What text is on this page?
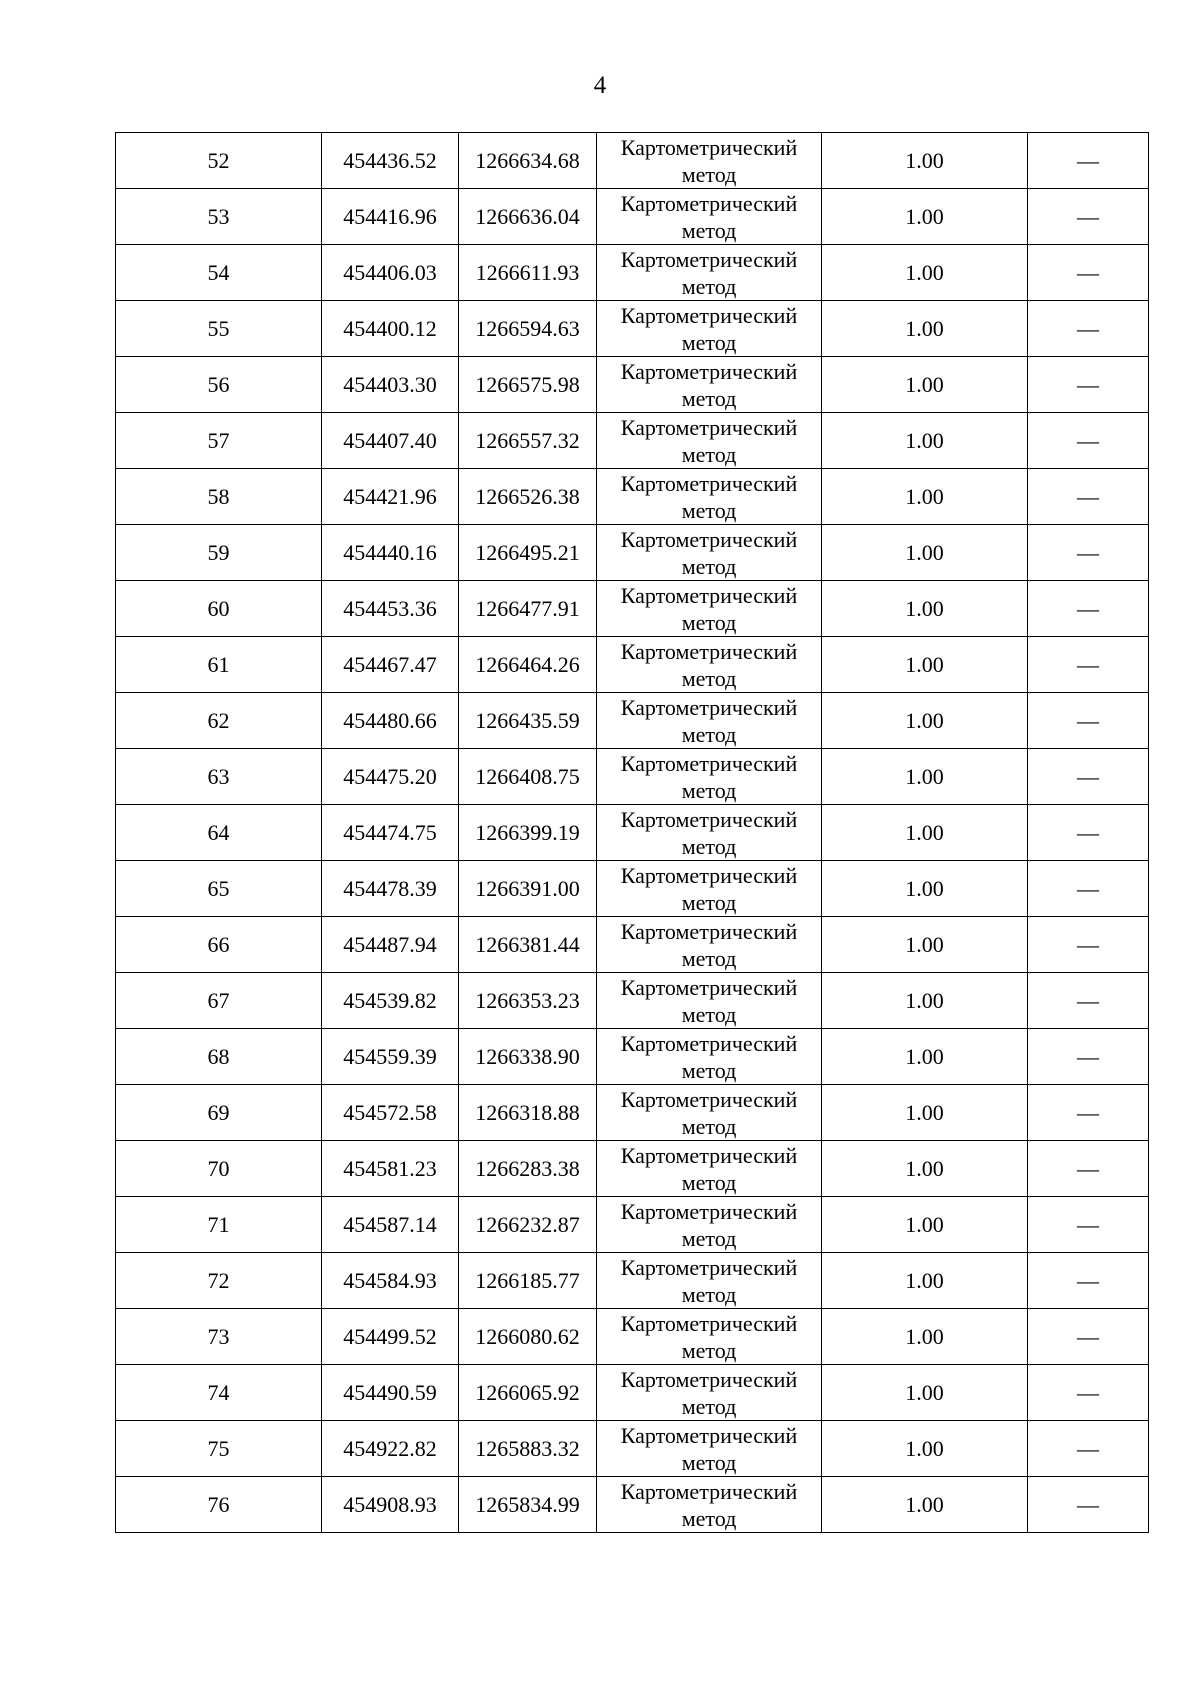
4
52	454436.52	1266634.68	Картометрический метод	1.00	—
53	454416.96	1266636.04	Картометрический метод	1.00	—
54	454406.03	1266611.93	Картометрический метод	1.00	—
55	454400.12	1266594.63	Картометрический метод	1.00	—
56	454403.30	1266575.98	Картометрический метод	1.00	—
57	454407.40	1266557.32	Картометрический метод	1.00	—
58	454421.96	1266526.38	Картометрический метод	1.00	—
59	454440.16	1266495.21	Картометрический метод	1.00	—
60	454453.36	1266477.91	Картометрический метод	1.00	—
61	454467.47	1266464.26	Картометрический метод	1.00	—
62	454480.66	1266435.59	Картометрический метод	1.00	—
63	454475.20	1266408.75	Картометрический метод	1.00	—
64	454474.75	1266399.19	Картометрический метод	1.00	—
65	454478.39	1266391.00	Картометрический метод	1.00	—
66	454487.94	1266381.44	Картометрический метод	1.00	—
67	454539.82	1266353.23	Картометрический метод	1.00	—
68	454559.39	1266338.90	Картометрический метод	1.00	—
69	454572.58	1266318.88	Картометрический метод	1.00	—
70	454581.23	1266283.38	Картометрический метод	1.00	—
71	454587.14	1266232.87	Картометрический метод	1.00	—
72	454584.93	1266185.77	Картометрический метод	1.00	—
73	454499.52	1266080.62	Картометрический метод	1.00	—
74	454490.59	1266065.92	Картометрический метод	1.00	—
75	454922.82	1265883.32	Картометрический метод	1.00	—
76	454908.93	1265834.99	Картометрический метод	1.00	—
